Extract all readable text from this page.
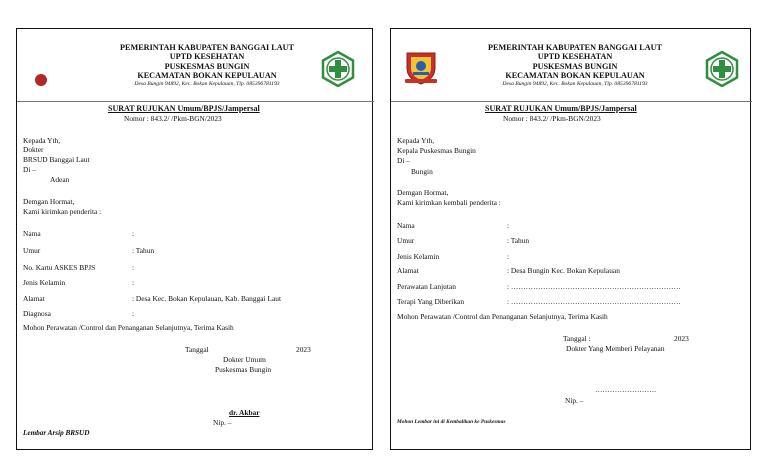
PEMERINTAH KABUPATEN BANGGAI LAUT
UPTD KESEHATAN
PUSKESMAS BUNGIN
KECAMATAN BOKAN KEPULAUAN
Desa Bungin 94892, Kec. Bokan Kepulauan, Tlp. 085396781193
SURAT RUJUKAN Umum/BPJS/Jampersal
Nomor : 843.2/ /Pkm-BGN/2023
Kepada Yth,
Dokter
BRSUD Banggai Laut
Di –
Adean
Demgan Hormat,
Kami kirimkan penderita :
Nama	:
Umur	: Tahun
No. Kartu ASKES BPJS	:
Jenis Kelamin	:
Alamat	: Desa Kec. Bokan Kepulauan, Kab. Banggai Laut
Diagnosa	:
Mohon Perawatan /Control dan Penanganan Selanjutnya, Terima Kasih
Tanggal	2023
Dokter Umum
Puskesmas Bungin
dr. Akbar
Nip. –
Lembar Arsip BRSUD
PEMERINTAH KABUPATEN BANGGAI LAUT
UPTD KESEHATAN
PUSKESMAS BUNGIN
KECAMATAN BOKAN KEPULAUAN
Desa Bungin 94892, Kec. Bokan Kepulauan, Tlp. 085396781193
SURAT RUJUKAN Umum/BPJS/Jampersal
Nomor : 843.2/ /Pkm-BGN/2023
Kepada Yth,
Kepala Puskesmas Bungin
Di –
Bungin
Demgan Hormat,
Kami kirimkan kembali penderita :
Nama	:
Umur	: Tahun
Jenis Kelamin	:
Alamat	: Desa Bungin Kec. Bokan Kepulauan
Perawatan Lanjutan	: ……………………………………………………………
Terapi Yang Diberikan	: ……………………………………………………………
Mohon Perawatan /Control dan Penanganan Selanjutnya, Terima Kasih
Tanggal :	2023
Dokter Yang Memberi Pelayanan
…………………….
Nip. –
Mohon Lembar ini di Kembalikan ke Puskesmas
